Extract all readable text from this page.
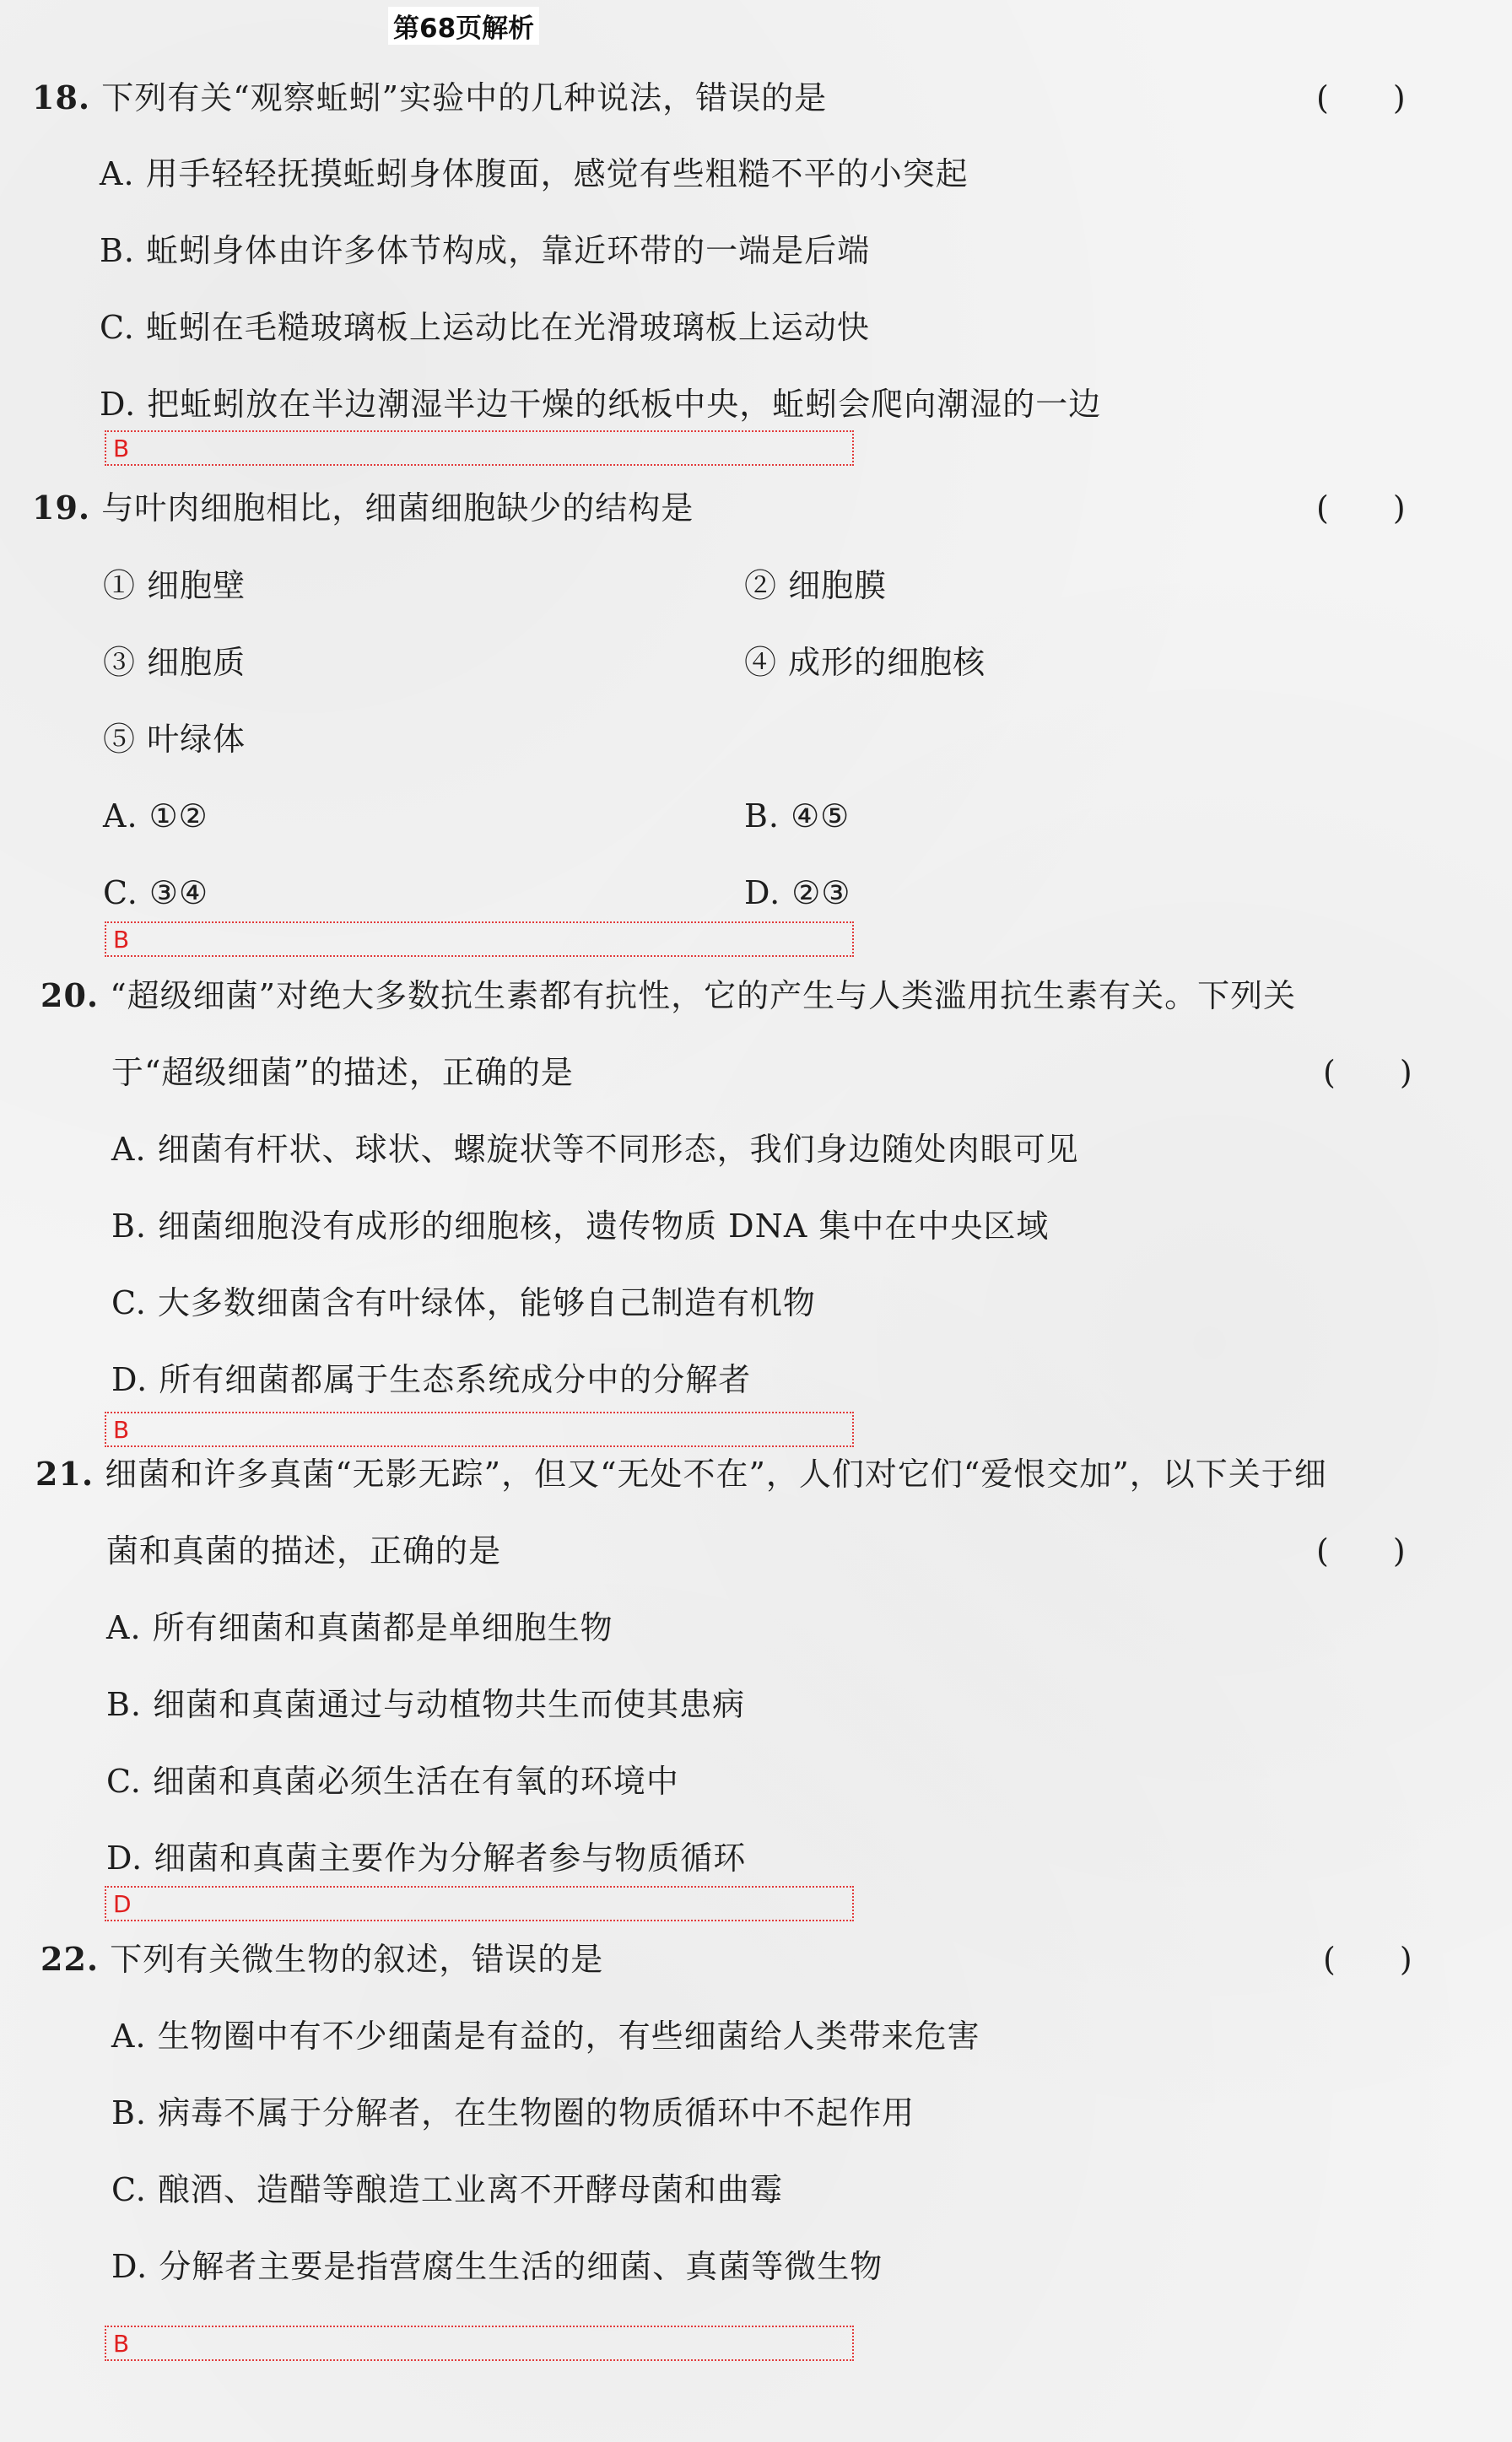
第68页解析
18. 下列有关“观察蚯蚓”实验中的几种说法，错误的是	(　　)
A. 用手轻轻抚摸蚯蚓身体腹面，感觉有些粗糙不平的小突起
B. 蚯蚓身体由许多体节构成，靠近环带的一端是后端
C. 蚯蚓在毛糙玻璃板上运动比在光滑玻璃板上运动快
D. 把蚯蚓放在半边潮湿半边干燥的纸板中央，蚯蚓会爬向潮湿的一边
B
19. 与叶肉细胞相比，细菌细胞缺少的结构是	(　　)
① 细胞壁	② 细胞膜
③ 细胞质	④ 成形的细胞核
⑤ 叶绿体
A. ①②	B. ④⑤
C. ③④	D. ②③
B
20. “超级细菌”对绝大多数抗生素都有抗性，它的产生与人类滥用抗生素有关。下列关
于“超级细菌”的描述，正确的是	(　　)
A. 细菌有杆状、球状、螺旋状等不同形态，我们身边随处肉眼可见
B. 细菌细胞没有成形的细胞核，遗传物质 DNA 集中在中央区域
C. 大多数细菌含有叶绿体，能够自己制造有机物
D. 所有细菌都属于生态系统成分中的分解者
B
21. 细菌和许多真菌“无影无踪”，但又“无处不在”，人们对它们“爱恨交加”，以下关于细
菌和真菌的描述，正确的是	(　　)
A. 所有细菌和真菌都是单细胞生物
B. 细菌和真菌通过与动植物共生而使其患病
C. 细菌和真菌必须生活在有氧的环境中
D. 细菌和真菌主要作为分解者参与物质循环
D
22. 下列有关微生物的叙述，错误的是	(　　)
A. 生物圈中有不少细菌是有益的，有些细菌给人类带来危害
B. 病毒不属于分解者，在生物圈的物质循环中不起作用
C. 酿酒、造醋等酿造工业离不开酵母菌和曲霉
D. 分解者主要是指营腐生生活的细菌、真菌等微生物
B
